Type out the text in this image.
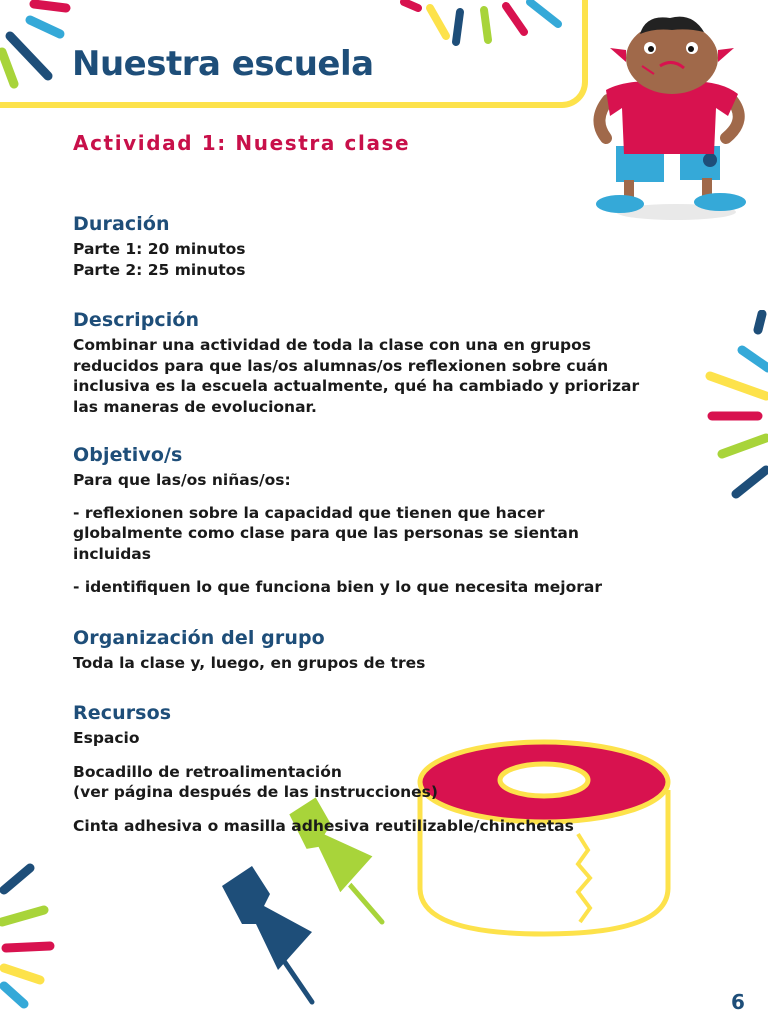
Nuestra escuela
Actividad 1: Nuestra clase
Duración

Parte 1: 20 minutos

Parte 2: 25 minutos

Descripción

Combinar una actividad de toda la clase con una en grupos

reducidos para que las/os alumnas/os reflexionen sobre cuán

inclusiva es la escuela actualmente, qué ha cambiado y priorizar

las maneras de evolucionar.

Objetivo/s

Para que las/os niñas/os:

- reflexionen sobre la capacidad que tienen que hacer

globalmente como clase para que las personas se sientan

incluidas

- identifiquen lo que funciona bien y lo que necesita mejorar

Organización del grupo

Toda la clase y, luego, en grupos de tres

Recursos

Espacio

Bocadillo de retroalimentación

(ver página después de las instrucciones)

Cinta adhesiva o masilla adhesiva reutilizable/chinchetas

6
